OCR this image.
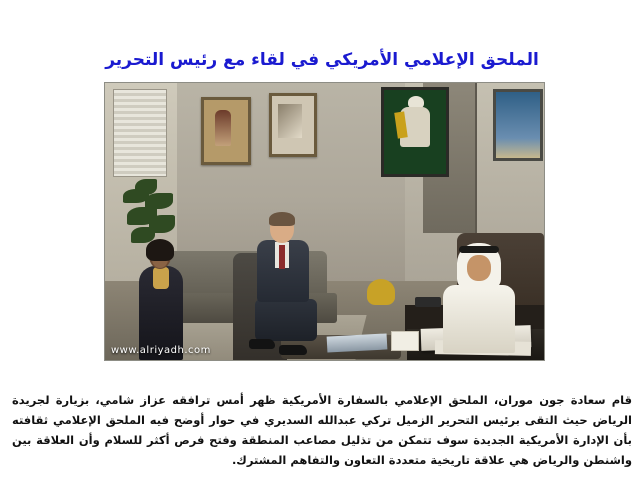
الملحق الإعلامي الأمريكي في لقاء مع رئيس التحرير
www.alriyadh.com

قام سعادة جون موران، الملحق الإعلامي بالسفارة الأمريكية ظهر أمس ترافقه عزاز شامي، بزيارة لجريدة الرياض حيث التقى برئيس التحرير الزميل تركي عبدالله السديري في حوار أوضح فيه الملحق الإعلامي ثقافته بأن الإدارة الأمريكية الجديدة سوف تتمكن من تذليل مصاعب المنطقة وفتح فرص أكثر للسلام وأن العلاقة بين واشنطن والرياض هي علاقة تاريخية متعددة التعاون والتفاهم المشترك.
